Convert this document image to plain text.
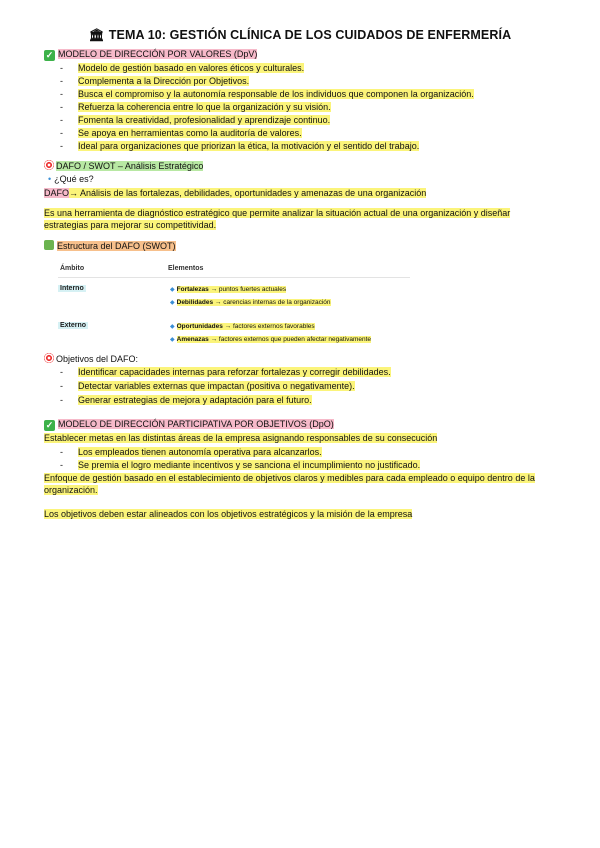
🏛 TEMA 10: GESTIÓN CLÍNICA DE LOS CUIDADOS DE ENFERMERÍA
✓ MODELO DE DIRECCIÓN POR VALORES (DpV)
- Modelo de gestión basado en valores éticos y culturales.
- Complementa a la Dirección por Objetivos.
- Busca el compromiso y la autonomía responsable de los individuos que componen la organización.
- Refuerza la coherencia entre lo que la organización y su visión.
- Fomenta la creatividad, profesionalidad y aprendizaje continuo.
- Se apoya en herramientas como la auditoría de valores.
- Ideal para organizaciones que priorizan la ética, la motivación y el sentido del trabajo.
DAFO / SWOT – Análisis Estratégico
• ¿Qué es?
DAFO→ Análisis de las fortalezas, debilidades, oportunidades y amenazas de una organización
Es una herramienta de diagnóstico estratégico que permite analizar la situación actual de una organización y diseñar estrategias para mejorar su competitividad.
Estructura del DAFO (SWOT)
Ámbito	Elementos
Interno	◆ Fortalezas → puntos fuertes actuales
◆ Debilidades → carencias internas de la organización
Externo	◆ Oportunidades → factores externos favorables
◆ Amenazas → factores externos que pueden afectar negativamente
Objetivos del DAFO:
- Identificar capacidades internas para reforzar fortalezas y corregir debilidades.
- Detectar variables externas que impactan (positiva o negativamente).
- Generar estrategias de mejora y adaptación para el futuro.
✓ MODELO DE DIRECCIÓN PARTICIPATIVA POR OBJETIVOS (DpO)
Establecer metas en las distintas áreas de la empresa asignando responsables de su consecución
- Los empleados tienen autonomía operativa para alcanzarlos.
- Se premia el logro mediante incentivos y se sanciona el incumplimiento no justificado.
Enfoque de gestión basado en el establecimiento de objetivos claros y medibles para cada empleado o equipo dentro de la organización.
Los objetivos deben estar alineados con los objetivos estratégicos y la misión de la empresa
